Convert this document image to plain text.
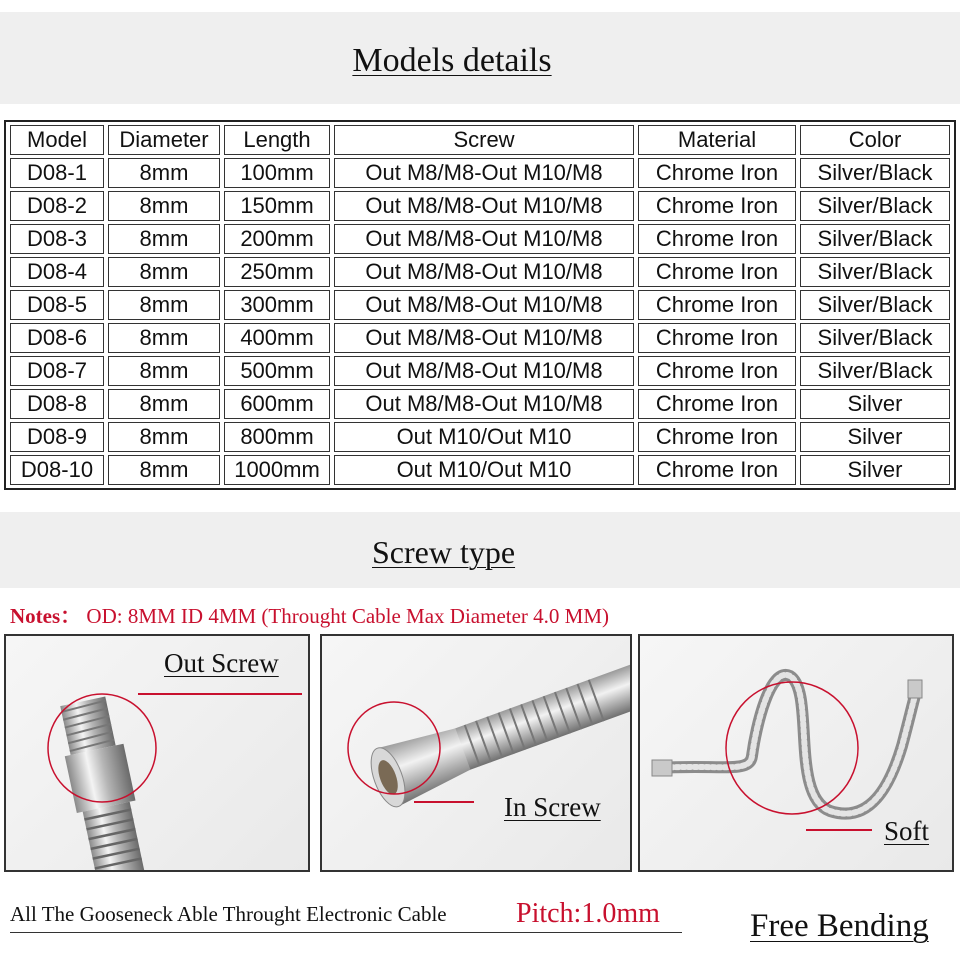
Models details
Model	Diameter	Length	Screw	Material	Color
D08-1	8mm	100mm	Out M8/M8-Out M10/M8	Chrome Iron	Silver/Black
D08-2	8mm	150mm	Out M8/M8-Out M10/M8	Chrome Iron	Silver/Black
D08-3	8mm	200mm	Out M8/M8-Out M10/M8	Chrome Iron	Silver/Black
D08-4	8mm	250mm	Out M8/M8-Out M10/M8	Chrome Iron	Silver/Black
D08-5	8mm	300mm	Out M8/M8-Out M10/M8	Chrome Iron	Silver/Black
D08-6	8mm	400mm	Out M8/M8-Out M10/M8	Chrome Iron	Silver/Black
D08-7	8mm	500mm	Out M8/M8-Out M10/M8	Chrome Iron	Silver/Black
D08-8	8mm	600mm	Out M8/M8-Out M10/M8	Chrome Iron	Silver
D08-9	8mm	800mm	Out M10/Out M10	Chrome Iron	Silver
D08-10	8mm	1000mm	Out M10/Out M10	Chrome Iron	Silver
Screw type
Notes： OD: 8MM ID 4MM (Throught Cable Max Diameter 4.0 MM)
Out Screw
In Screw
Soft
All The Gooseneck Able Throught Electronic Cable Pitch:1.0mm	Free Bending
